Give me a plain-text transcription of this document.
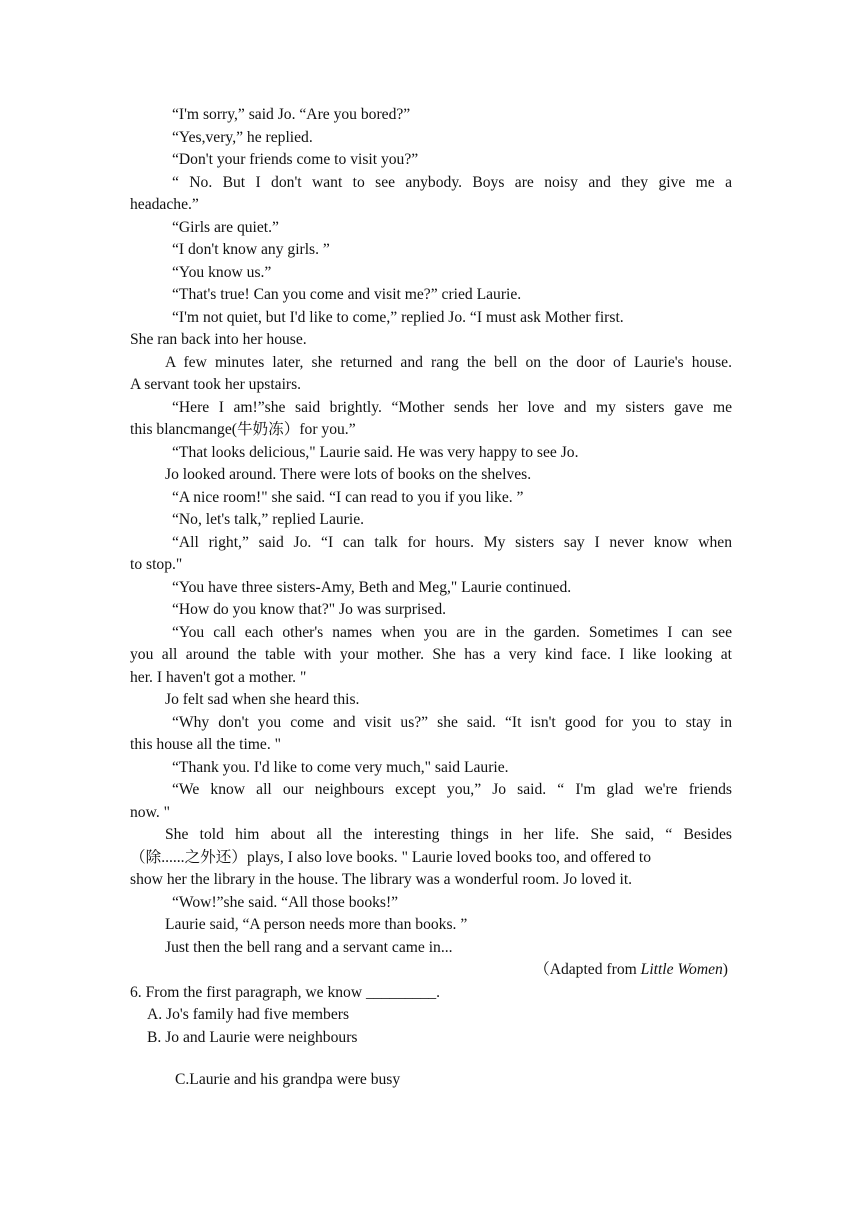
“I'm sorry,” said Jo. “Are you bored?”
“Yes,very,” he replied.
“Don't your friends come to visit you?”
“ No. But I don't want to see anybody. Boys are noisy and they give me a
headache.”
“Girls are quiet.”
“I don't know any girls. ”
“You know us.”
“That's true! Can you come and visit me?” cried Laurie.
“I'm not quiet, but I'd like to come,” replied Jo. “I must ask Mother first.
She ran back into her house.
A few minutes later, she returned and rang the bell on the door of Laurie's house.
A servant took her upstairs.
“Here I am!”she said brightly. “Mother sends her love and my sisters gave me
this blancmange(牛奶冻）for you.”
“That looks delicious," Laurie said. He was very happy to see Jo.
Jo looked around. There were lots of books on the shelves.
“A nice room!" she said. “I can read to you if you like. ”
“No, let's talk,” replied Laurie.
“All right,” said Jo. “I can talk for hours. My sisters say I never know when
to stop."
“You have three sisters-Amy, Beth and Meg," Laurie continued.
“How do you know that?" Jo was surprised.
“You call each other's names when you are in the garden. Sometimes I can see
you all around the table with your mother. She has a very kind face. I like looking at
her. I haven't got a mother. "
Jo felt sad when she heard this.
“Why don't you come and visit us?” she said. “It isn't good for you to stay in
this house all the time. "
“Thank you. I'd like to come very much," said Laurie.
“We know all our neighbours except you,” Jo said. “ I'm glad we're friends
now. "
She told him about all the interesting things in her life. She said, “ Besides
（除......之外还）plays, I also love books. " Laurie loved books too, and offered to
show her the library in the house. The library was a wonderful room. Jo loved it.
“Wow!”she said. “All those books!”
Laurie said, “A person needs more than books. ”
Just then the bell rang and a servant came in...
（Adapted from Little Women)
6. From the first paragraph, we know _________.
A. Jo's family had five members
B. Jo and Laurie were neighbours
C.Laurie and his grandpa were busy
